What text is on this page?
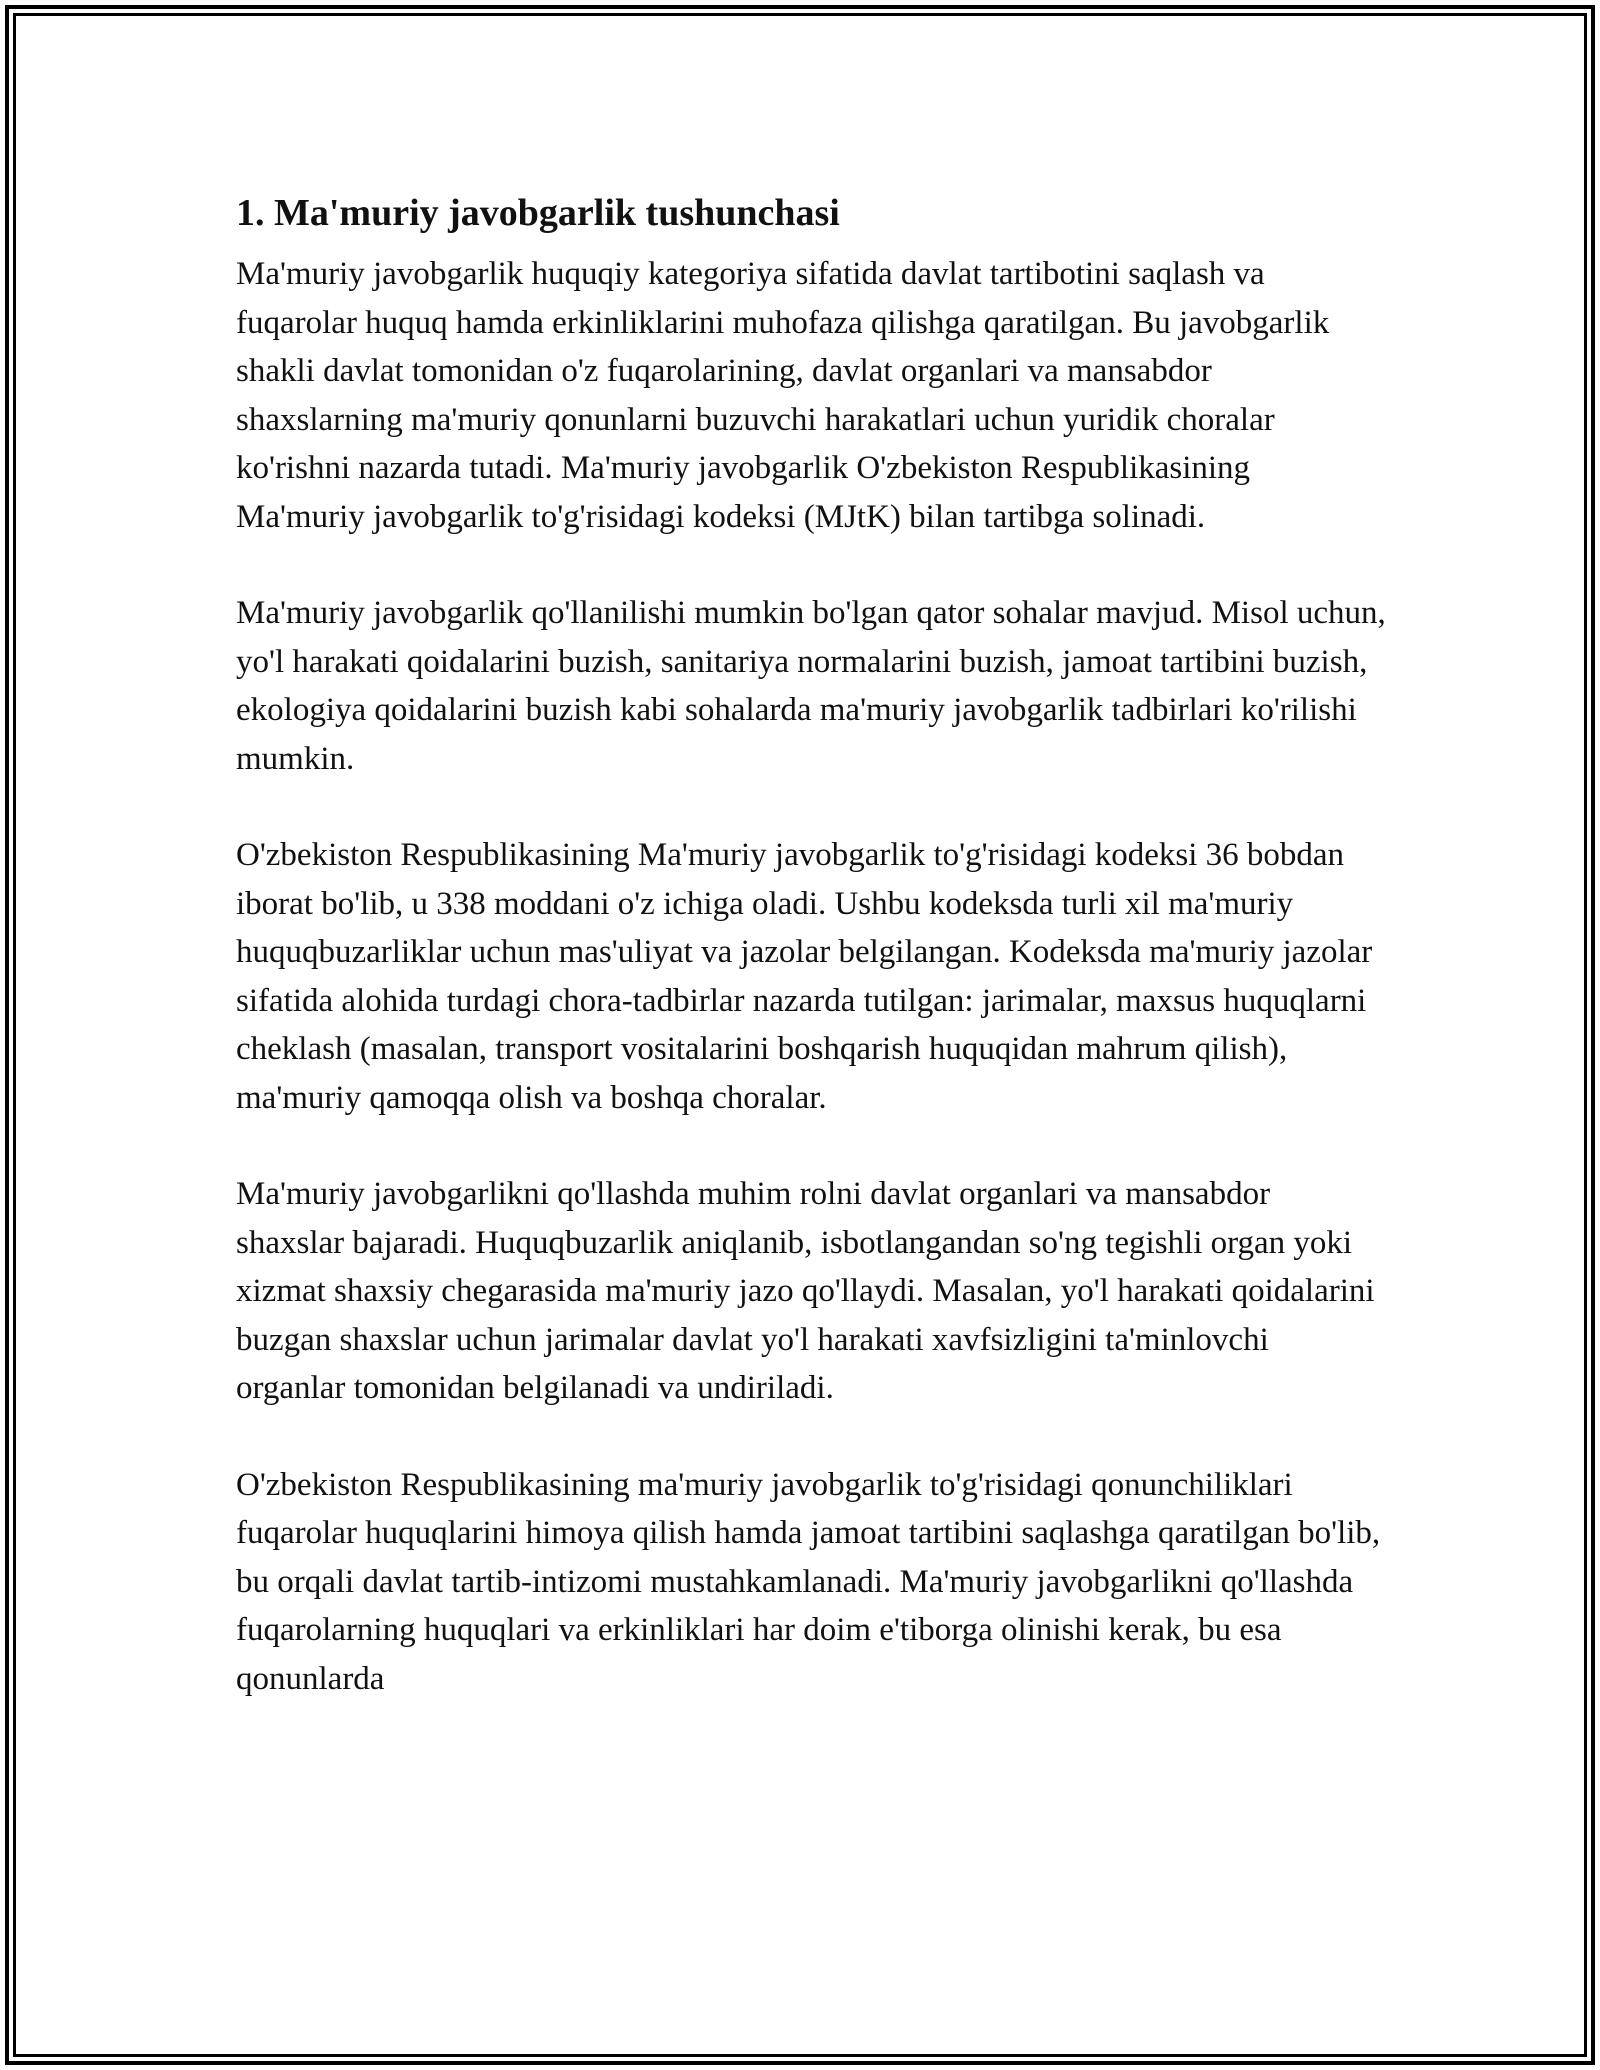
1. Ma'muriy javobgarlik tushunchasi

Ma'muriy javobgarlik huquqiy kategoriya sifatida davlat tartibotini saqlash va fuqarolar huquq hamda erkinliklarini muhofaza qilishga qaratilgan. Bu javobgarlik shakli davlat tomonidan o'z fuqarolarining, davlat organlari va mansabdor shaxslarning ma'muriy qonunlarni buzuvchi harakatlari uchun yuridik choralar ko'rishni nazarda tutadi. Ma'muriy javobgarlik O'zbekiston Respublikasining Ma'muriy javobgarlik to'g'risidagi kodeksi (MJtK) bilan tartibga solinadi.

Ma'muriy javobgarlik qo'llanilishi mumkin bo'lgan qator sohalar mavjud. Misol uchun, yo'l harakati qoidalarini buzish, sanitariya normalarini buzish, jamoat tartibini buzish, ekologiya qoidalarini buzish kabi sohalarda ma'muriy javobgarlik tadbirlari ko'rilishi mumkin.

O'zbekiston Respublikasining Ma'muriy javobgarlik to'g'risidagi kodeksi 36 bobdan iborat bo'lib, u 338 moddani o'z ichiga oladi. Ushbu kodeksda turli xil ma'muriy huquqbuzarliklar uchun mas'uliyat va jazolar belgilangan. Kodeksda ma'muriy jazolar sifatida alohida turdagi chora-tadbirlar nazarda tutilgan: jarimalar, maxsus huquqlarni cheklash (masalan, transport vositalarini boshqarish huquqidan mahrum qilish), ma'muriy qamoqqa olish va boshqa choralar.

Ma'muriy javobgarlikni qo'llashda muhim rolni davlat organlari va mansabdor shaxslar bajaradi. Huquqbuzarlik aniqlanib, isbotlangandan so'ng tegishli organ yoki xizmat shaxsiy chegarasida ma'muriy jazo qo'llaydi. Masalan, yo'l harakati qoidalarini buzgan shaxslar uchun jarimalar davlat yo'l harakati xavfsizligini ta'minlovchi organlar tomonidan belgilanadi va undiriladi.

O'zbekiston Respublikasining ma'muriy javobgarlik to'g'risidagi qonunchiliklari fuqarolar huquqlarini himoya qilish hamda jamoat tartibini saqlashga qaratilgan bo'lib, bu orqali davlat tartib-intizomi mustahkamlanadi. Ma'muriy javobgarlikni qo'llashda fuqarolarning huquqlari va erkinliklari har doim e'tiborga olinishi kerak, bu esa qonunlarda
